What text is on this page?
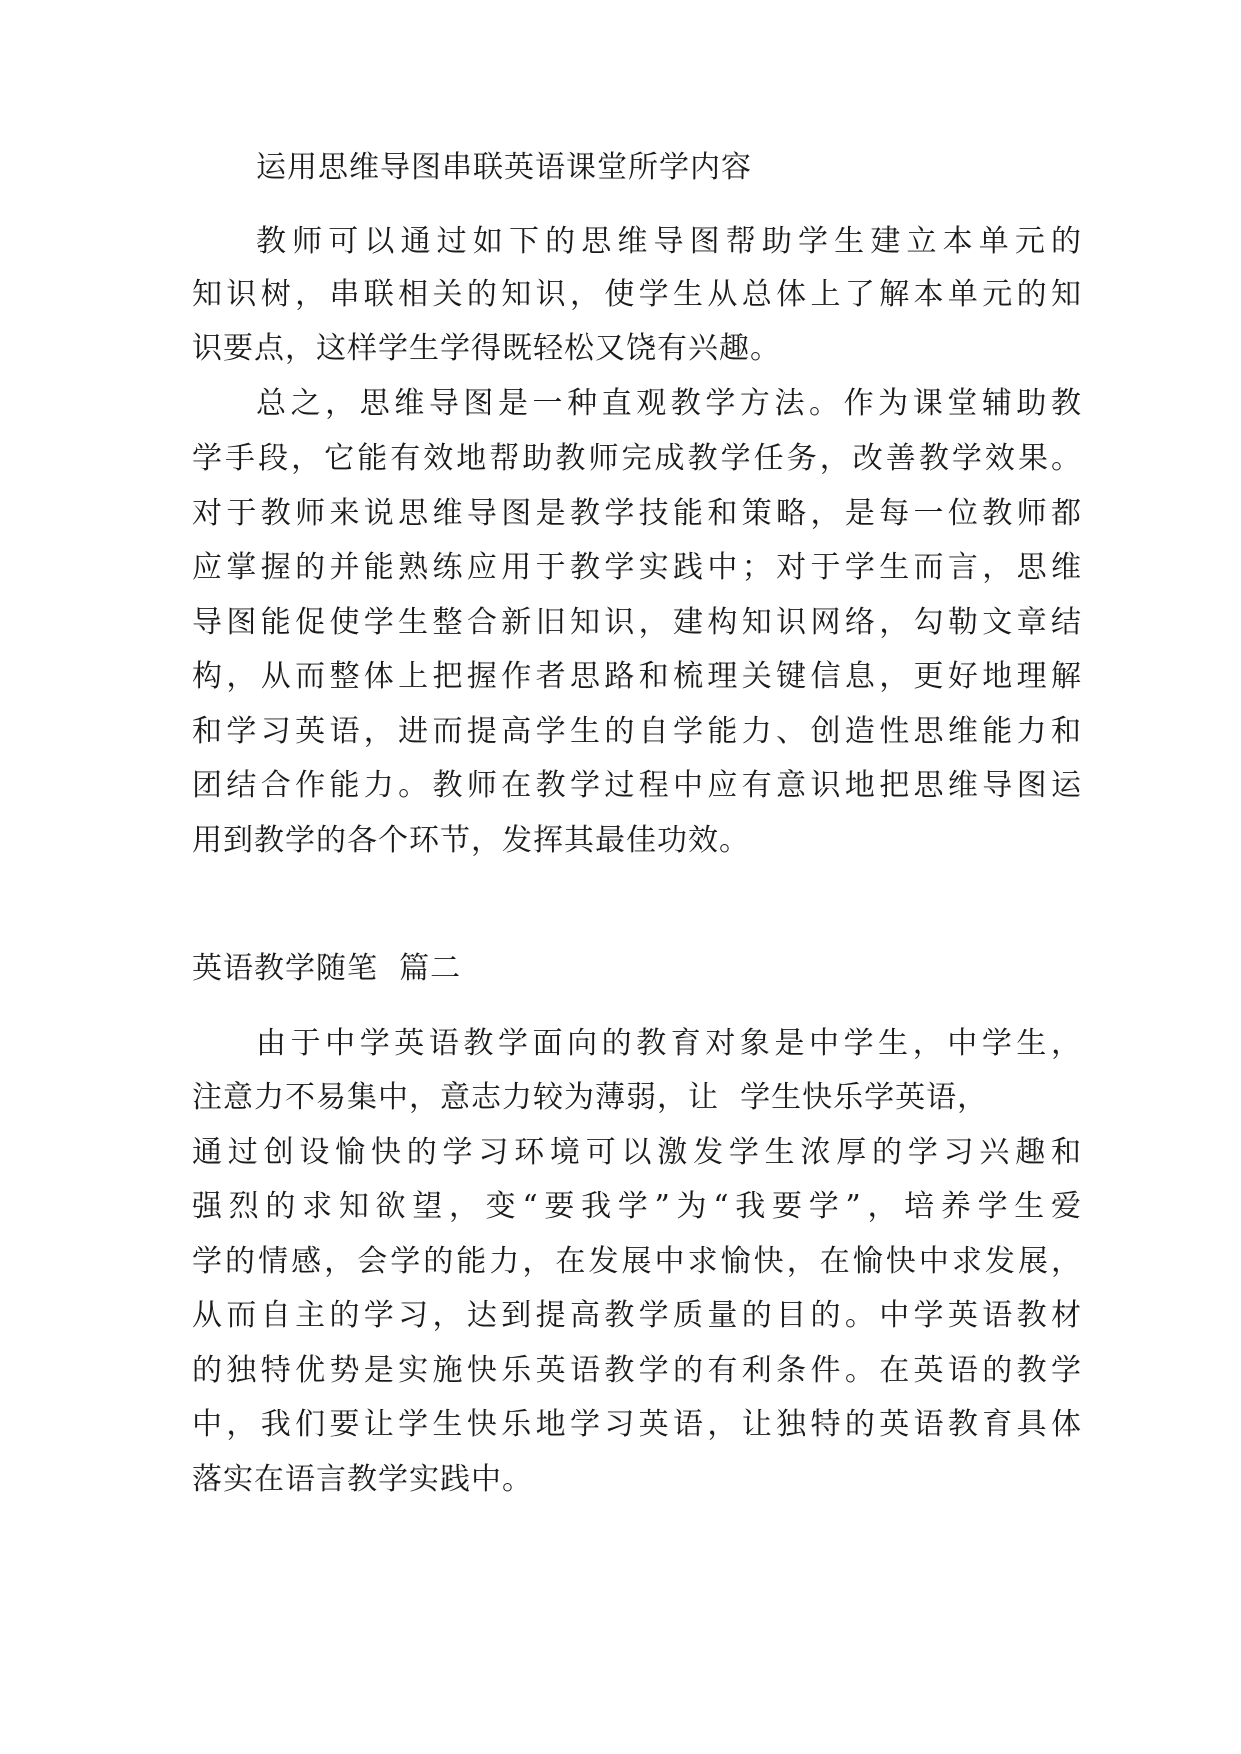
运用思维导图串联英语课堂所学内容
教师可以通过如下的思维导图帮助学生建立本单元的
知识树，串联相关的知识，使学生从总体上了解本单元的知
识要点，这样学生学得既轻松又饶有兴趣。
总之，思维导图是一种直观教学方法。作为课堂辅助教
学手段，它能有效地帮助教师完成教学任务，改善教学效果。
对于教师来说思维导图是教学技能和策略，是每一位教师都
应掌握的并能熟练应用于教学实践中；对于学生而言，思维
导图能促使学生整合新旧知识，建构知识网络，勾勒文章结
构，从而整体上把握作者思路和梳理关键信息，更好地理解
和学习英语，进而提高学生的自学能力、创造性思维能力和
团结合作能力。教师在教学过程中应有意识地把思维导图运
用到教学的各个环节，发挥其最佳功效。
英语教学随笔  篇二
由于中学英语教学面向的教育对象是中学生，中学生，
注意力不易集中，意志力较为薄弱，让  学生快乐学英语，
通过创设愉快的学习环境可以激发学生浓厚的学习兴趣和
强烈的求知欲望，变“要我学”为“我要学”，培养学生爱
学的情感，会学的能力，在发展中求愉快，在愉快中求发展，
从而自主的学习，达到提高教学质量的目的。中学英语教材
的独特优势是实施快乐英语教学的有利条件。在英语的教学
中，我们要让学生快乐地学习英语，让独特的英语教育具体
落实在语言教学实践中。
